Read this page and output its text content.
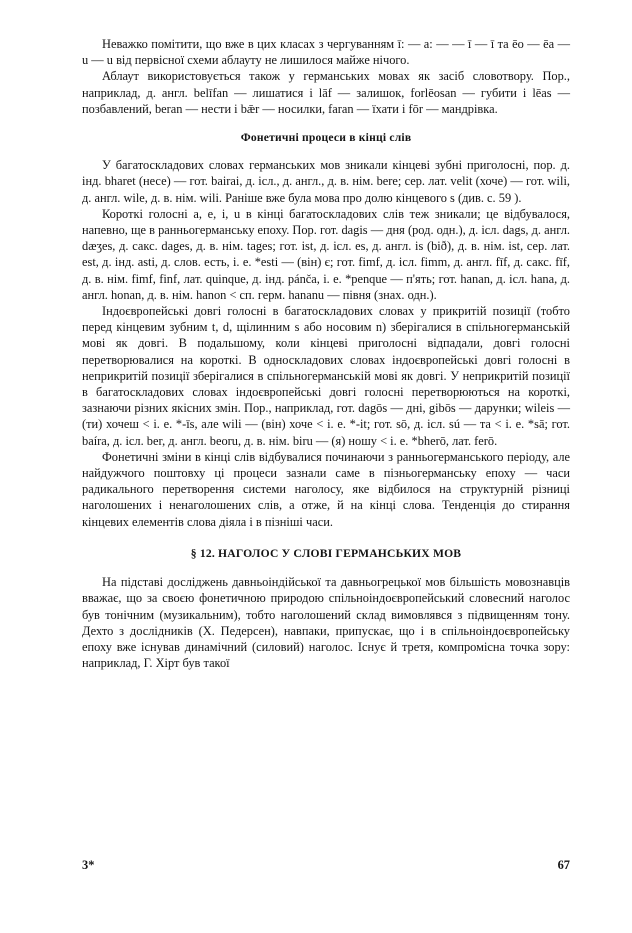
Неважко помітити, що вже в цих класах з чергуванням ī: — a: — — ī — ī та ēo — ēa — u — u від первісної схеми аблауту не лишилося майже нічого.

Аблаут використовується також у германських мовах як засіб словотвору. Пор., наприклад, д. англ. belīfan — лишатися і lāf — залишок, forlēosan — губити і lēas — позбавлений, beran — нести і bǣr — носилки, faran — їхати і fōr — мандрівка.

Фонетичні процеси в кінці слів

У багатоскладових словах германських мов зникали кінцеві зубні приголосні, пор. д. інд. bharet (несе) — гот. bairai, д. ісл., д. англ., д. в. нім. bere; сер. лат. velit (хоче) — гот. wili, д. англ. wile, д. в. нім. wili. Раніше вже була мова про долю кінцевого s (див. с. 59 ).

Короткі голосні a, e, i, u в кінці багатоскладових слів теж зникали; це відбувалося, напевно, ще в ранньогерманську епоху. Пор. гот. dagis — дня (род. одн.), д. ісл. dags, д. англ. dæʒes, д. сакс. dages, д. в. нім. tages; гот. ist, д. ісл. es, д. англ. is (bið), д. в. нім. ist, сер. лат. est, д. інд. asti, д. слов. есть, і. е. *esti — (він) є; гот. fimf, д. ісл. fimm, д. англ. fīf, д. сакс. fīf, д. в. нім. fimf, finf, лат. quinque, д. інд. pánča, і. е. *penque — п'ять; гот. hanan, д. ісл. hana, д. англ. honan, д. в. нім. hanon < сп. герм. hananu — півня (знах. одн.).

Індоєвропейські довгі голосні в багатоскладових словах у прикритій позиції (тобто перед кінцевим зубним t, d, щілинним s або носовим n) зберігалися в спільногерманській мові як довгі. В подальшому, коли кінцеві приголосні відпадали, довгі голосні перетворювалися на короткі. В односкладових словах індоєвропейські довгі голосні в неприкритій позиції зберігалися в спільногерманській мові як довгі. У неприкритій позиції в багатоскладових словах індоєвропейські довгі голосні перетворюються на короткі, зазнаючи різних якісних змін. Пор., наприклад, гот. dagōs — дні, gibōs — дарунки; wileis — (ти) хочеш < і. е. *-īs, але wili — (він) хоче < і. е. *-it; гот. sō, д. ісл. sú — та < і. е. *sā; гот. baíra, д. ісл. ber, д. англ. beoru, д. в. нім. biru — (я) ношу < і. е. *bherō, лат. ferō.

Фонетичні зміни в кінці слів відбувалися починаючи з ранньогерманського періоду, але найдужчого поштовху ці процеси зазнали саме в пізньогерманську епоху — часи радикального перетворення системи наголосу, яке відбилося на структурній різниці наголошених і ненаголошених слів, а отже, й на кінці слова. Тенденція до стирання кінцевих елементів слова діяла і в пізніші часи.

§ 12. НАГОЛОС У СЛОВІ ГЕРМАНСЬКИХ МОВ

На підставі досліджень давньоіндійської та давньогрецької мов більшість мовознавців вважає, що за своєю фонетичною природою спільноіндоєвропейський словесний наголос був тонічним (музикальним), тобто наголошений склад вимовлявся з підвищенням тону. Дехто з дослідників (Х. Педерсен), навпаки, припускає, що і в спільноіндоєвропейську епоху вже існував динамічний (силовий) наголос. Існує й третя, компромісна точка зору: наприклад, Г. Хірт був такої

3*	67
